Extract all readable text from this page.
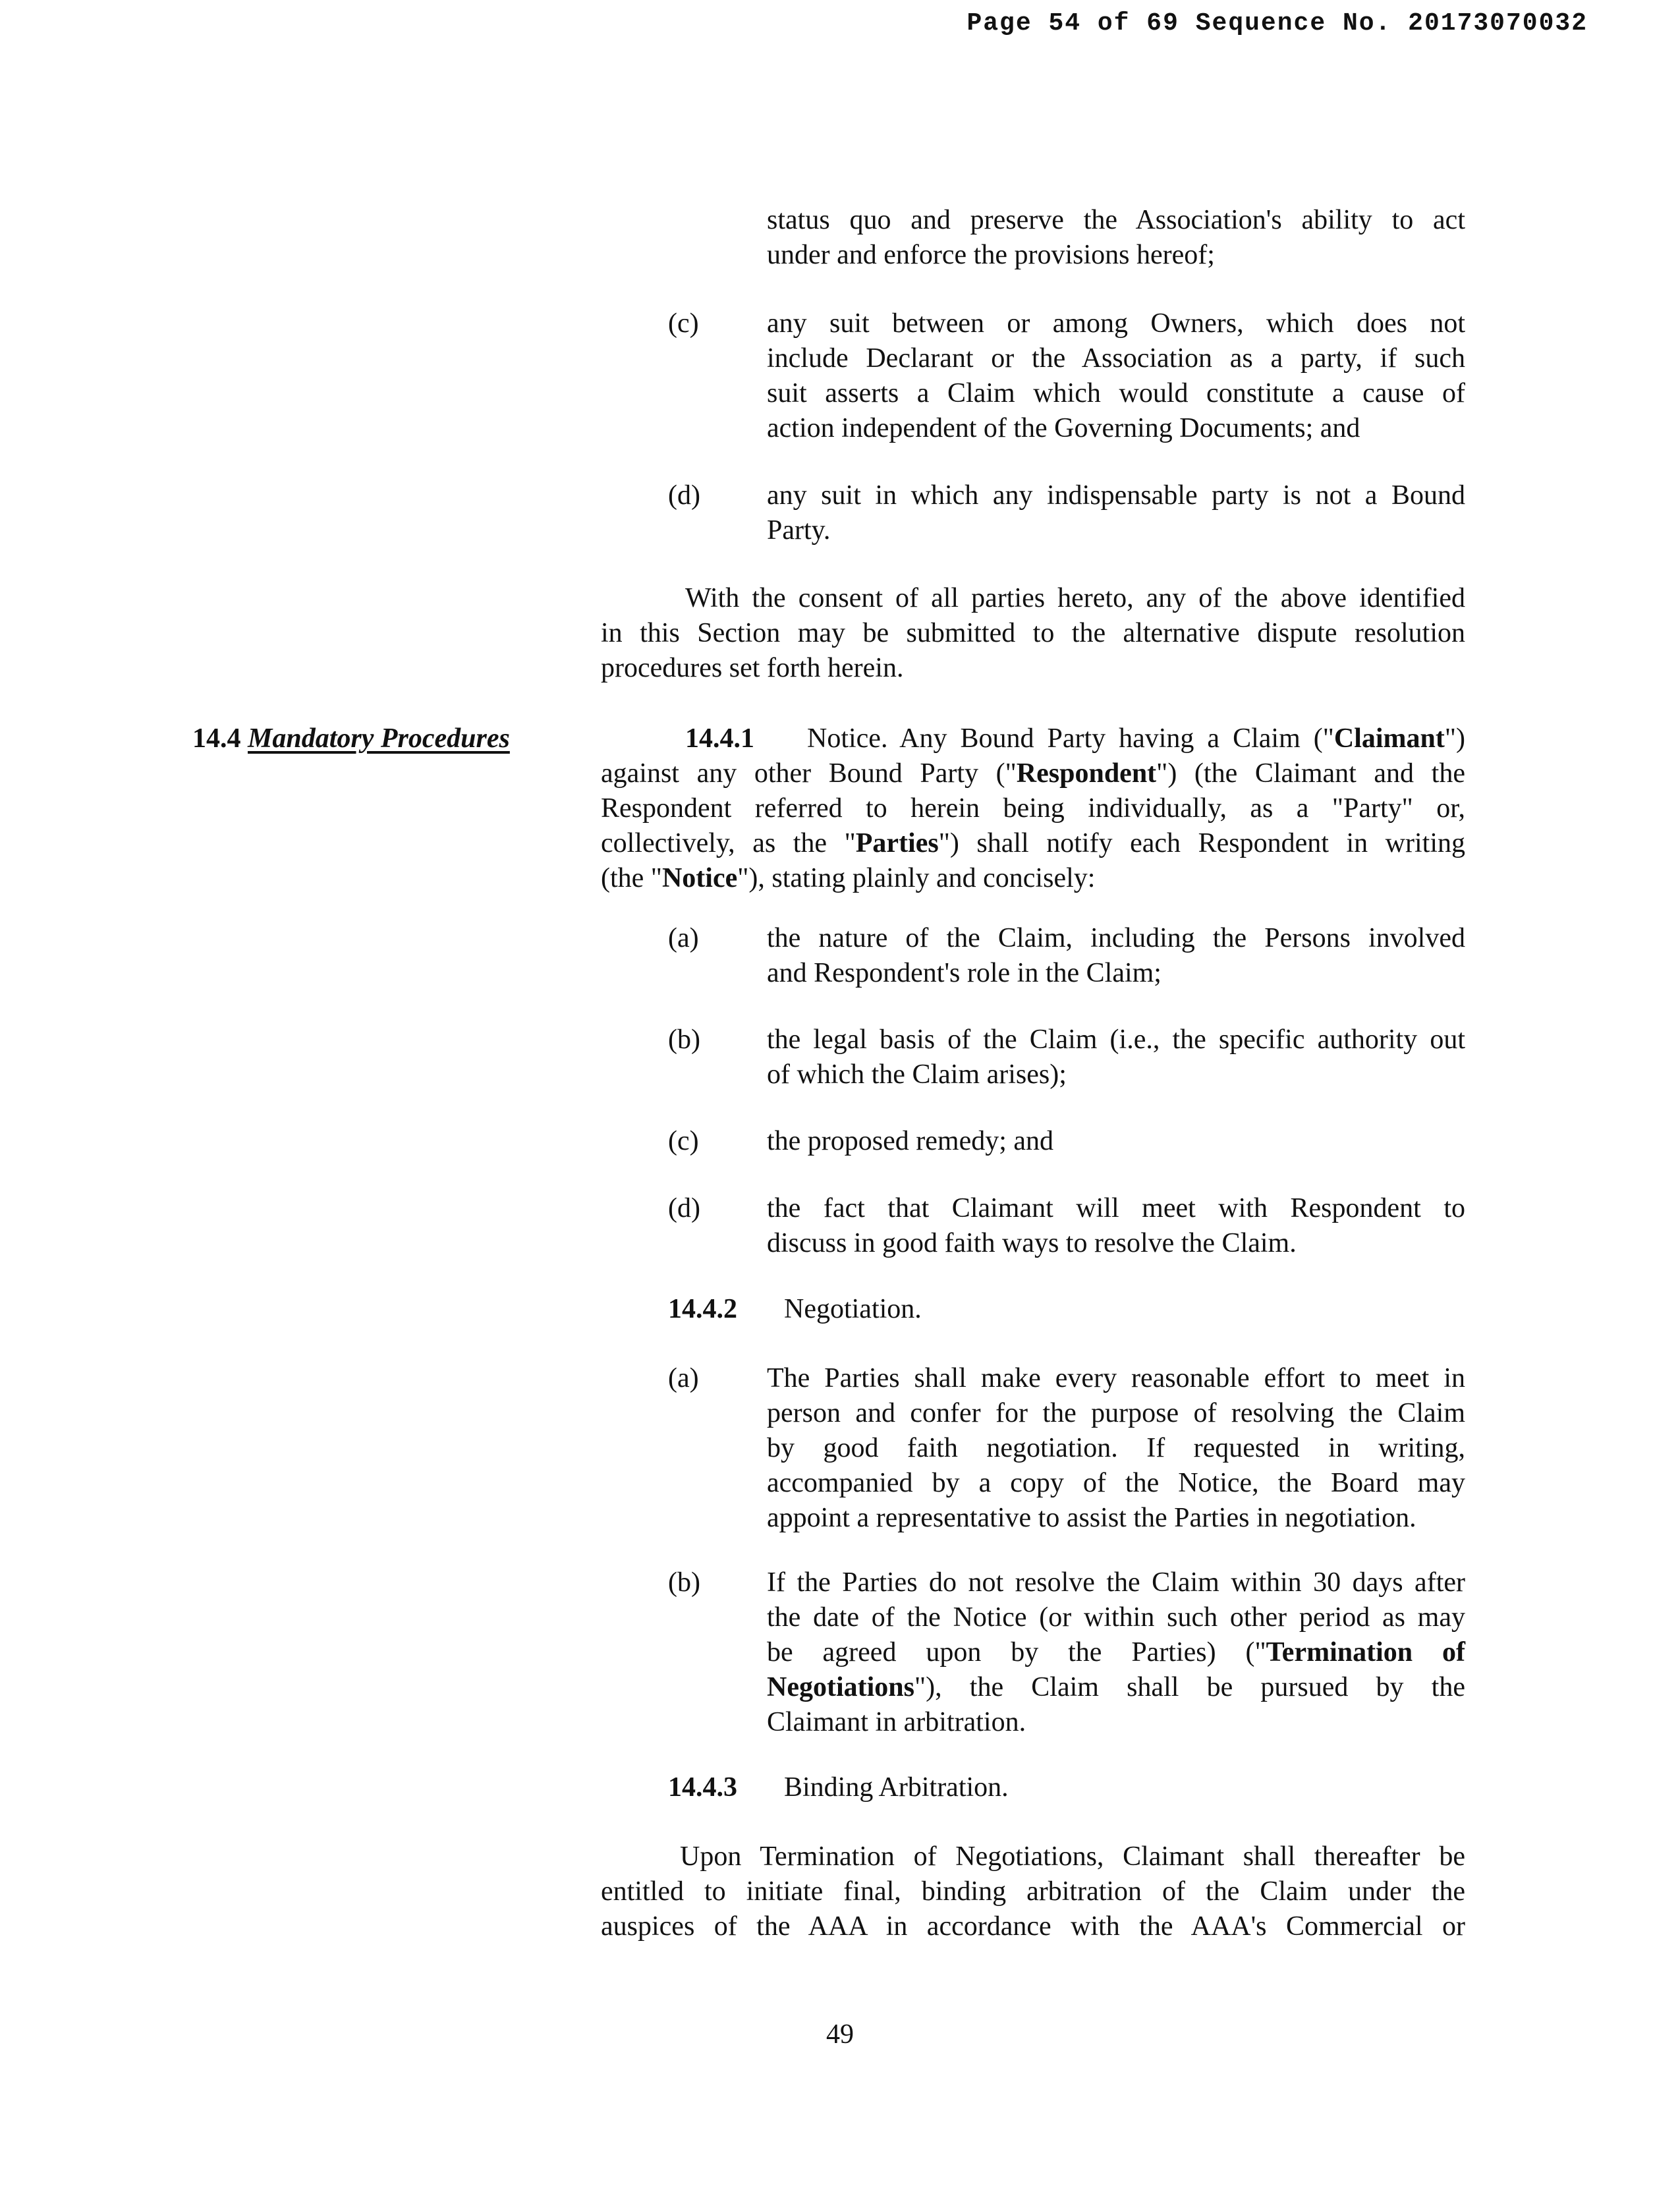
Page 54 of 69 Sequence No. 20173070032
status quo and preserve the Association's ability to act
under and enforce the provisions hereof;
(c) any suit between or among Owners, which does not
include Declarant or the Association as a party, if such
suit asserts a Claim which would constitute a cause of
action independent of the Governing Documents; and
(d) any suit in which any indispensable party is not a Bound
Party.
With the consent of all parties hereto, any of the above identified
in this Section may be submitted to the alternative dispute resolution
procedures set forth herein.
14.4 Mandatory Procedures	14.4.1 Notice. Any Bound Party having a Claim ("Claimant")
against any other Bound Party ("Respondent") (the Claimant and the
Respondent referred to herein being individually, as a "Party" or,
collectively, as the "Parties") shall notify each Respondent in writing
(the "Notice"), stating plainly and concisely:
(a) the nature of the Claim, including the Persons involved
and Respondent's role in the Claim;
(b) the legal basis of the Claim (i.e., the specific authority out
of which the Claim arises);
(c) the proposed remedy; and
(d) the fact that Claimant will meet with Respondent to
discuss in good faith ways to resolve the Claim.
14.4.2 Negotiation.
(a) The Parties shall make every reasonable effort to meet in
person and confer for the purpose of resolving the Claim
by good faith negotiation. If requested in writing,
accompanied by a copy of the Notice, the Board may
appoint a representative to assist the Parties in negotiation.
(b) If the Parties do not resolve the Claim within 30 days after
the date of the Notice (or within such other period as may
be agreed upon by the Parties) ("Termination of
Negotiations"), the Claim shall be pursued by the
Claimant in arbitration.
14.4.3 Binding Arbitration.
Upon Termination of Negotiations, Claimant shall thereafter be
entitled to initiate final, binding arbitration of the Claim under the
auspices of the AAA in accordance with the AAA's Commercial or
49
